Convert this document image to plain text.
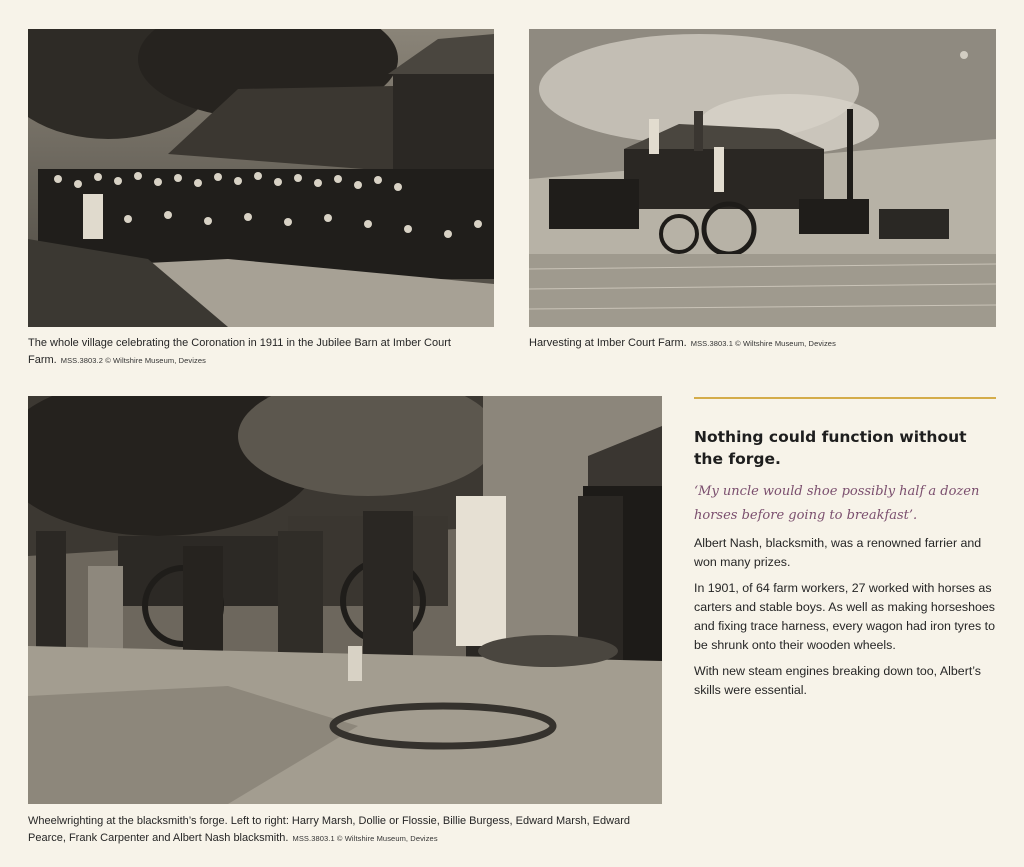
The whole village celebrating the Coronation in 1911 in the Jubilee Barn at Imber Court Farm. MSS.3803.2 © Wiltshire Museum, Devizes
Harvesting at Imber Court Farm. MSS.3803.1 © Wiltshire Museum, Devizes
Wheelwrighting at the blacksmith’s forge. Left to right: Harry Marsh, Dollie or Flossie, Billie Burgess, Edward Marsh, Edward Pearce, Frank Carpenter and Albert Nash blacksmith. MSS.3803.1 © Wiltshire Museum, Devizes
Nothing could function without the forge.

‘My uncle would shoe possibly half a dozen horses before going to breakfast’.

Albert Nash, blacksmith, was a renowned farrier and won many prizes.

In 1901, of 64 farm workers, 27 worked with horses as carters and stable boys. As well as making horseshoes and fixing trace harness, every wagon had iron tyres to be shrunk onto their wooden wheels.

With new steam engines breaking down too, Albert’s skills were essential.
